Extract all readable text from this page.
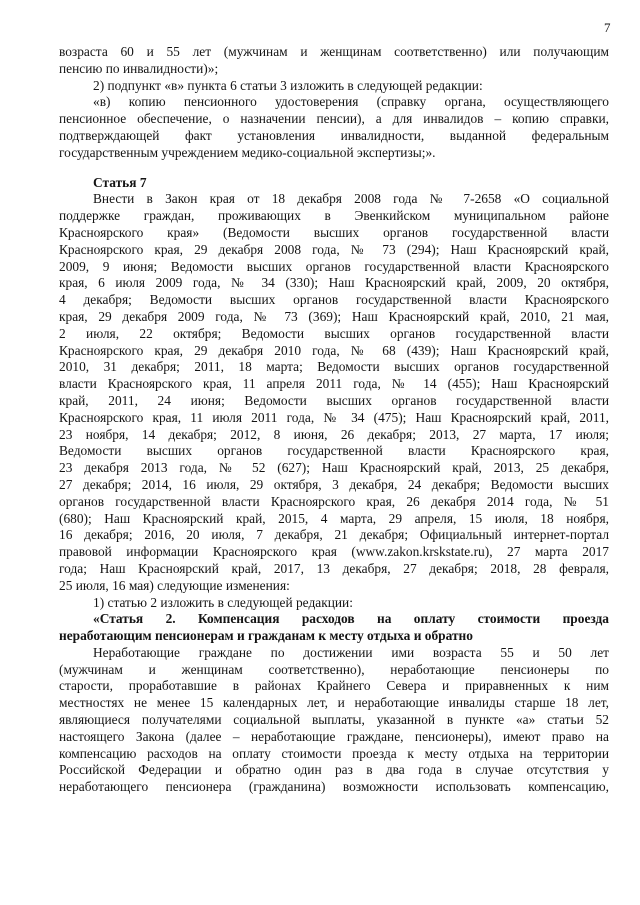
7
возраста 60 и 55 лет (мужчинам и женщинам соответственно) или получающим
пенсию по инвалидности)»;
2) подпункт «в» пункта 6 статьи 3 изложить в следующей редакции:
«в) копию пенсионного удостоверения (справку органа, осуществляющего
пенсионное обеспечение, о назначении пенсии), а для инвалидов – копию справки,
подтверждающей факт установления инвалидности, выданной федеральным
государственным учреждением медико-социальной экспертизы;».
Статья 7
Внести в Закон края от 18 декабря 2008 года № 7-2658 «О социальной
поддержке граждан, проживающих в Эвенкийском муниципальном районе
Красноярского края» (Ведомости высших органов государственной власти
Красноярского края, 29 декабря 2008 года, № 73 (294); Наш Красноярский край,
2009, 9 июня; Ведомости высших органов государственной власти Красноярского
края, 6 июля 2009 года, № 34 (330); Наш Красноярский край, 2009, 20 октября,
4 декабря; Ведомости высших органов государственной власти Красноярского
края, 29 декабря 2009 года, № 73 (369); Наш Красноярский край, 2010, 21 мая,
2 июля, 22 октября; Ведомости высших органов государственной власти
Красноярского края, 29 декабря 2010 года, № 68 (439); Наш Красноярский край,
2010, 31 декабря; 2011, 18 марта; Ведомости высших органов государственной
власти Красноярского края, 11 апреля 2011 года, № 14 (455); Наш Красноярский
край, 2011, 24 июня; Ведомости высших органов государственной власти
Красноярского края, 11 июля 2011 года, № 34 (475); Наш Красноярский край, 2011,
23 ноября, 14 декабря; 2012, 8 июня, 26 декабря; 2013, 27 марта, 17 июля;
Ведомости высших органов государственной власти Красноярского края,
23 декабря 2013 года, № 52 (627); Наш Красноярский край, 2013, 25 декабря,
27 декабря; 2014, 16 июля, 29 октября, 3 декабря, 24 декабря; Ведомости высших
органов государственной власти Красноярского края, 26 декабря 2014 года, № 51
(680); Наш Красноярский край, 2015, 4 марта, 29 апреля, 15 июля, 18 ноября,
16 декабря; 2016, 20 июля, 7 декабря, 21 декабря; Официальный интернет-портал
правовой информации Красноярского края (www.zakon.krskstate.ru), 27 марта 2017
года; Наш Красноярский край, 2017, 13 декабря, 27 декабря; 2018, 28 февраля,
25 июля, 16 мая) следующие изменения:
1) статью 2 изложить в следующей редакции:
«Статья 2. Компенсация расходов на оплату стоимости проезда
неработающим пенсионерам и гражданам к месту отдыха и обратно
Неработающие граждане по достижении ими возраста 55 и 50 лет
(мужчинам и женщинам соответственно), неработающие пенсионеры по
старости, проработавшие в районах Крайнего Севера и приравненных к ним
местностях не менее 15 календарных лет, и неработающие инвалиды старше 18 лет,
являющиеся получателями социальной выплаты, указанной в пункте «а» статьи 52
настоящего Закона (далее – неработающие граждане, пенсионеры), имеют право на
компенсацию расходов на оплату стоимости проезда к месту отдыха на территории
Российской Федерации и обратно один раз в два года в случае отсутствия у
неработающего пенсионера (гражданина) возможности использовать компенсацию,
